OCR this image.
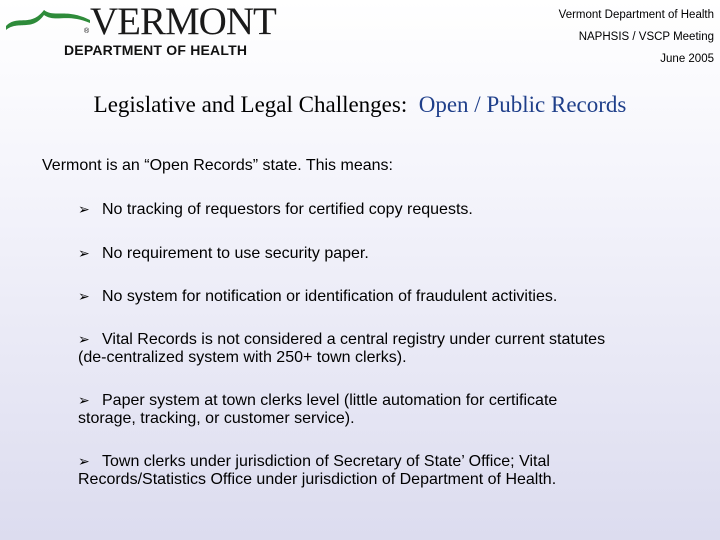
VERMONT
®
DEPARTMENT OF HEALTH
Vermont Department of Health
NAPHSIS / VSCP Meeting
June 2005
Legislative and Legal Challenges: Open / Public Records
Vermont is an “Open Records” state. This means:
➢ No tracking of requestors for certified copy requests.
➢ No requirement to use security paper.
➢ No system for notification or identification of fraudulent activities.
➢ Vital Records is not considered a central registry under current statutes
(de-centralized system with 250+ town clerks).
➢ Paper system at town clerks level (little automation for certificate
storage, tracking, or customer service).
➢ Town clerks under jurisdiction of Secretary of State’ Office; Vital
Records/Statistics Office under jurisdiction of Department of Health.
